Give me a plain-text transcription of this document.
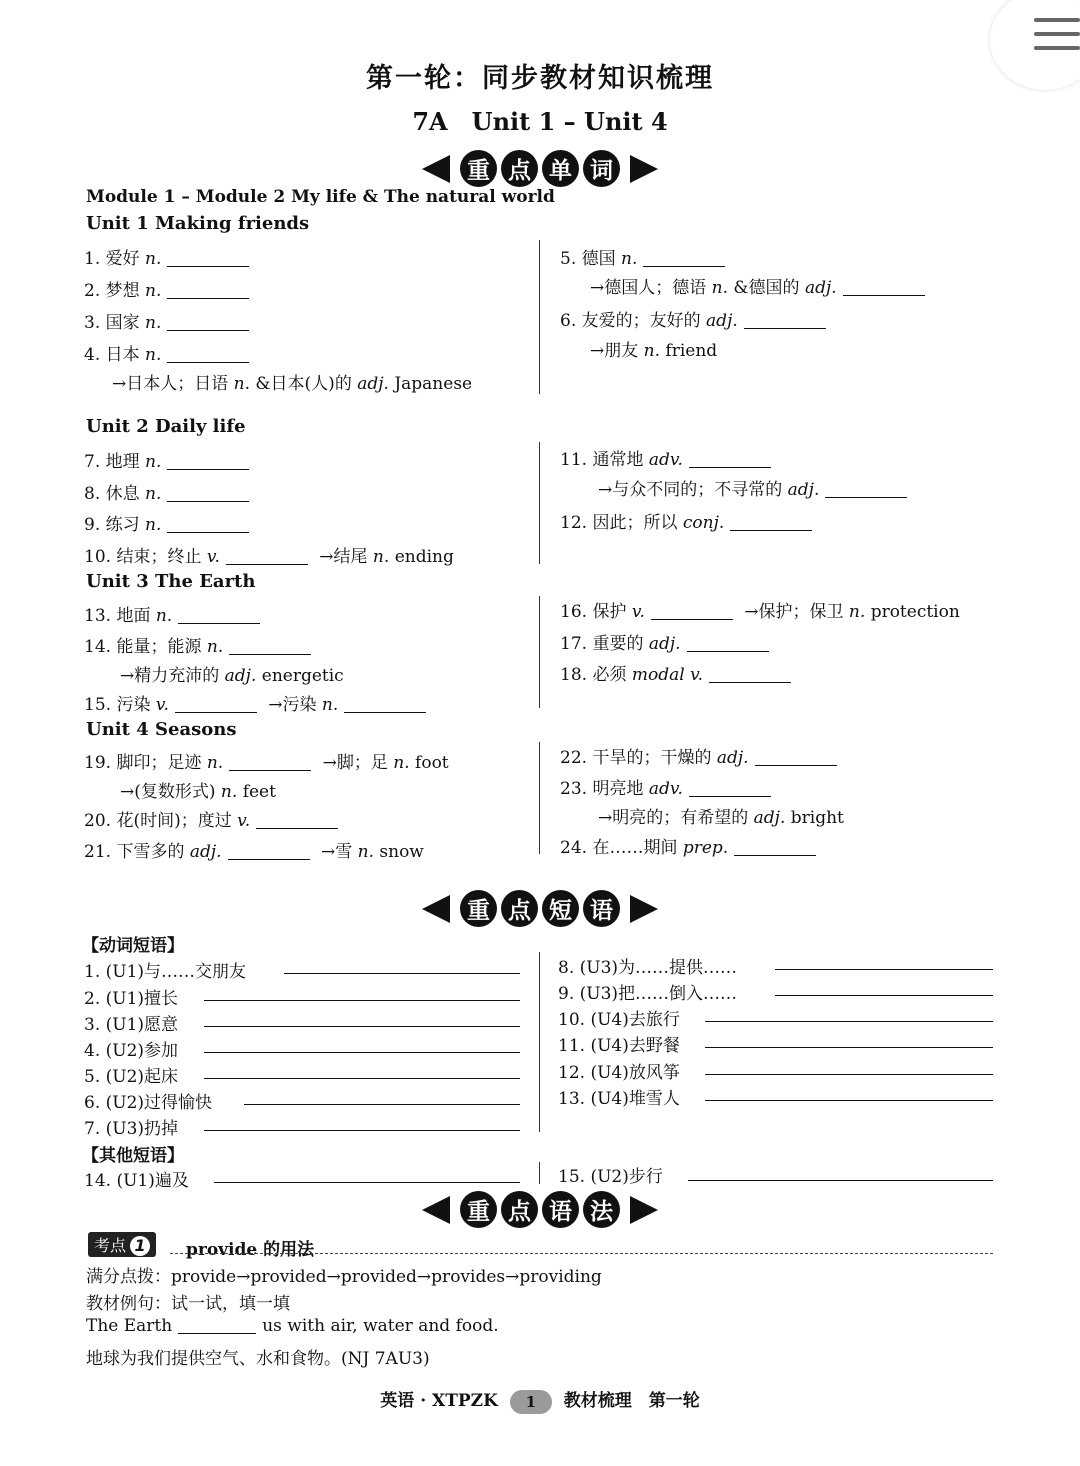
第一轮：同步教材知识梳理
7A　Unit 1 – Unit 4
重 点 单 词
Module 1 – Module 2 My life & The natural world
Unit 1 Making friends
1. 爱好 n.
2. 梦想 n.
3. 国家 n.
4. 日本 n.
→日本人；日语 n. &日本(人)的 adj. Japanese
5. 德国 n.
→德国人；德语 n. &德国的 adj.
6. 友爱的；友好的 adj.
→朋友 n. friend
Unit 2 Daily life
7. 地理 n.
8. 休息 n.
9. 练习 n.
10. 结束；终止 v.	→结尾 n. ending
11. 通常地 adv.
→与众不同的；不寻常的 adj.
12. 因此；所以 conj.
Unit 3 The Earth
13. 地面 n.
14. 能量；能源 n.
→精力充沛的 adj. energetic
15. 污染 v.	→污染 n.
16. 保护 v.	→保护；保卫 n. protection
17. 重要的 adj.
18. 必须 modal v.
Unit 4 Seasons
19. 脚印；足迹 n.	→脚；足 n. foot
→(复数形式) n. feet
20. 花(时间)；度过 v.
21. 下雪多的 adj.	→雪 n. snow
22. 干旱的；干燥的 adj.
23. 明亮地 adv.
→明亮的；有希望的 adj. bright
24. 在……期间 prep.
重 点 短 语
【动词短语】
1. (U1)与……交朋友
2. (U1)擅长
3. (U1)愿意
4. (U2)参加
5. (U2)起床
6. (U2)过得愉快
7. (U3)扔掉
8. (U3)为……提供……
9. (U3)把……倒入……
10. (U4)去旅行
11. (U4)去野餐
12. (U4)放风筝
13. (U4)堆雪人
【其他短语】
14. (U1)遍及	15. (U2)步行
重 点 语 法
考点 1	provide 的用法
满分点拨：provide→provided→provided→provides→providing
教材例句：试一试，填一填
The Earth	us with air, water and food.
地球为我们提供空气、水和食物。(NJ 7AU3)
英语 · XTPZK 1 教材梳理　第一轮
